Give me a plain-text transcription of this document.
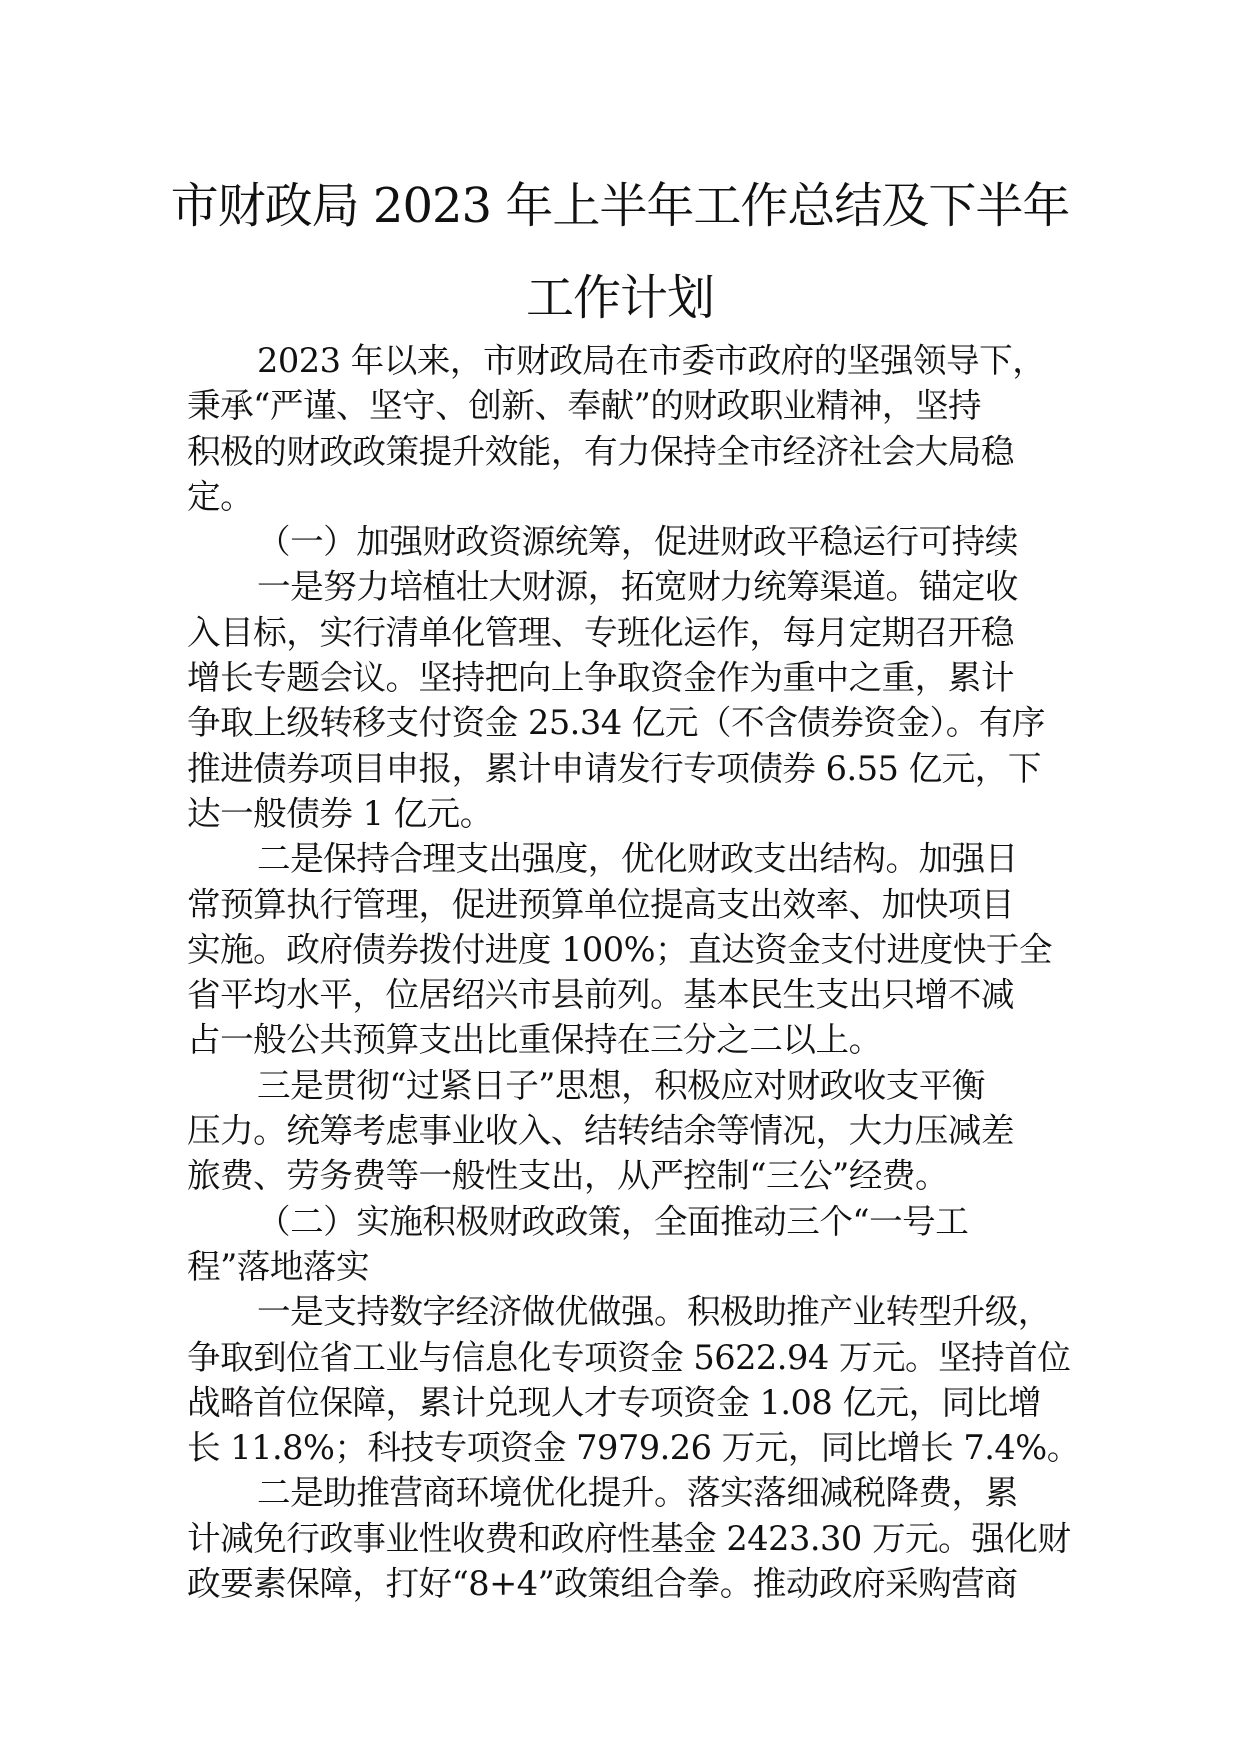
市财政局 2023 年上半年工作总结及下半年
工作计划
2023 年以来，市财政局在市委市政府的坚强领导下，
秉承“严谨、坚守、创新、奉献”的财政职业精神，坚持
积极的财政政策提升效能，有力保持全市经济社会大局稳
定。
（一）加强财政资源统筹，促进财政平稳运行可持续
一是努力培植壮大财源，拓宽财力统筹渠道。锚定收
入目标，实行清单化管理、专班化运作，每月定期召开稳
增长专题会议。坚持把向上争取资金作为重中之重，累计
争取上级转移支付资金 25.34 亿元（不含债券资金）。有序
推进债券项目申报，累计申请发行专项债券 6.55 亿元，下
达一般债券 1 亿元。
二是保持合理支出强度，优化财政支出结构。加强日
常预算执行管理，促进预算单位提高支出效率、加快项目
实施。政府债券拨付进度 100%；直达资金支付进度快于全
省平均水平，位居绍兴市县前列。基本民生支出只增不减
占一般公共预算支出比重保持在三分之二以上。
三是贯彻“过紧日子”思想，积极应对财政收支平衡
压力。统筹考虑事业收入、结转结余等情况，大力压减差
旅费、劳务费等一般性支出，从严控制“三公”经费。
（二）实施积极财政政策，全面推动三个“一号工
程”落地落实
一是支持数字经济做优做强。积极助推产业转型升级，
争取到位省工业与信息化专项资金 5622.94 万元。坚持首位
战略首位保障，累计兑现人才专项资金 1.08 亿元，同比增
长 11.8%；科技专项资金 7979.26 万元，同比增长 7.4%。
二是助推营商环境优化提升。落实落细减税降费，累
计减免行政事业性收费和政府性基金 2423.30 万元。强化财
政要素保障，打好“8+4”政策组合拳。推动政府采购营商
